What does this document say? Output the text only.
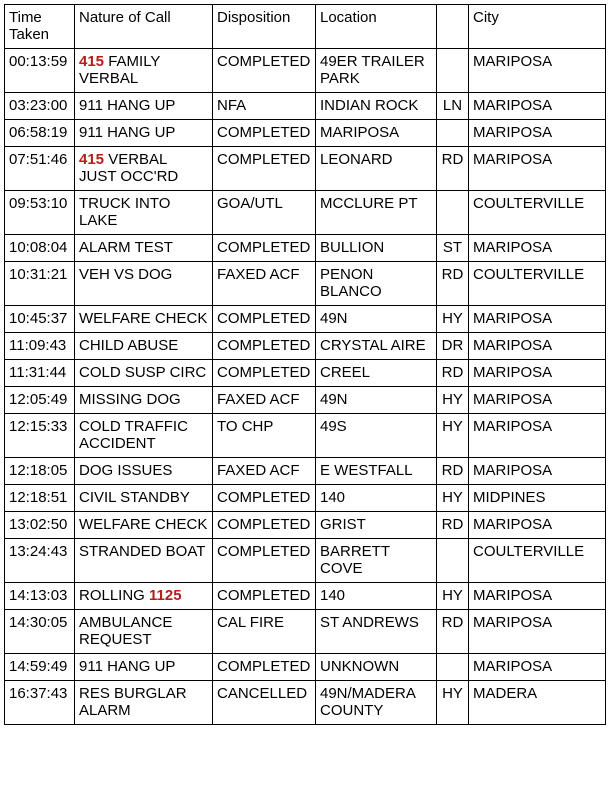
Time Taken	Nature of Call	Disposition	Location		City
00:13:59	415 FAMILY VERBAL	COMPLETED	49ER TRAILER PARK		MARIPOSA
03:23:00	911 HANG UP	NFA	INDIAN ROCK	LN	MARIPOSA
06:58:19	911 HANG UP	COMPLETED	MARIPOSA		MARIPOSA
07:51:46	415 VERBAL JUST OCC'RD	COMPLETED	LEONARD	RD	MARIPOSA
09:53:10	TRUCK INTO LAKE	GOA/UTL	MCCLURE PT		COULTERVILLE
10:08:04	ALARM TEST	COMPLETED	BULLION	ST	MARIPOSA
10:31:21	VEH VS DOG	FAXED ACF	PENON BLANCO	RD	COULTERVILLE
10:45:37	WELFARE CHECK	COMPLETED	49N	HY	MARIPOSA
11:09:43	CHILD ABUSE	COMPLETED	CRYSTAL AIRE	DR	MARIPOSA
11:31:44	COLD SUSP CIRC	COMPLETED	CREEL	RD	MARIPOSA
12:05:49	MISSING DOG	FAXED ACF	49N	HY	MARIPOSA
12:15:33	COLD TRAFFIC ACCIDENT	TO CHP	49S	HY	MARIPOSA
12:18:05	DOG ISSUES	FAXED ACF	E WESTFALL	RD	MARIPOSA
12:18:51	CIVIL STANDBY	COMPLETED	140	HY	MIDPINES
13:02:50	WELFARE CHECK	COMPLETED	GRIST	RD	MARIPOSA
13:24:43	STRANDED BOAT	COMPLETED	BARRETT COVE		COULTERVILLE
14:13:03	ROLLING 1125	COMPLETED	140	HY	MARIPOSA
14:30:05	AMBULANCE REQUEST	CAL FIRE	ST ANDREWS	RD	MARIPOSA
14:59:49	911 HANG UP	COMPLETED	UNKNOWN		MARIPOSA
16:37:43	RES BURGLAR ALARM	CANCELLED	49N/MADERA COUNTY	HY	MADERA
